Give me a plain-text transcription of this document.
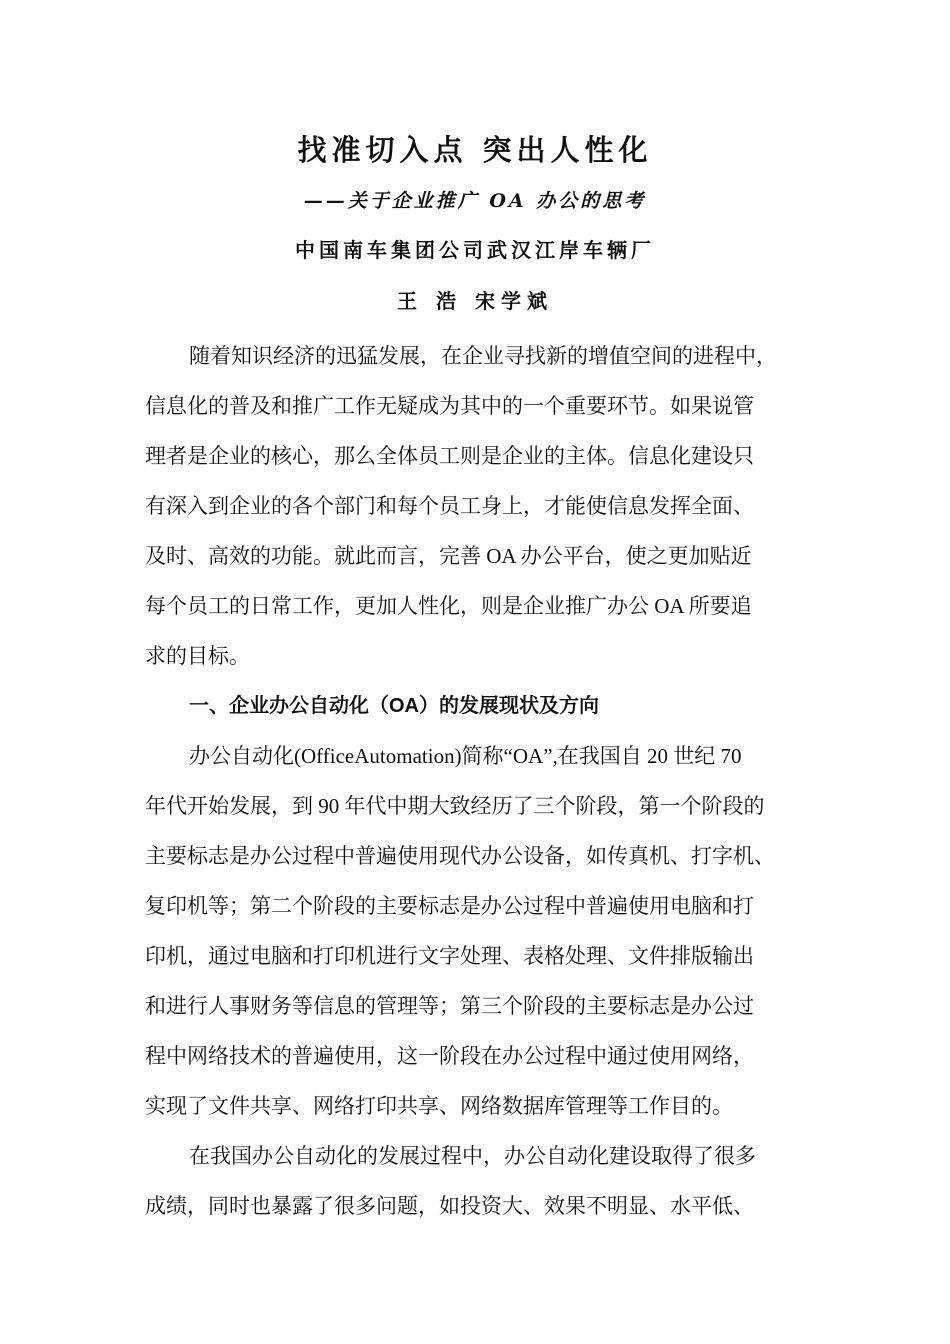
找准切入点 突出人性化
——关于企业推广 OA 办公的思考
中国南车集团公司武汉江岸车辆厂
王 浩 宋学斌
随着知识经济的迅猛发展，在企业寻找新的增值空间的进程中，
信息化的普及和推广工作无疑成为其中的一个重要环节。如果说管
理者是企业的核心，那么全体员工则是企业的主体。信息化建设只
有深入到企业的各个部门和每个员工身上，才能使信息发挥全面、
及时、高效的功能。就此而言，完善 OA 办公平台，使之更加贴近
每个员工的日常工作，更加人性化，则是企业推广办公 OA 所要追
求的目标。
一、企业办公自动化（OA）的发展现状及方向
办公自动化(OfficeAutomation)简称“OA”,在我国自 20 世纪 70
年代开始发展，到 90 年代中期大致经历了三个阶段，第一个阶段的
主要标志是办公过程中普遍使用现代办公设备，如传真机、打字机、
复印机等；第二个阶段的主要标志是办公过程中普遍使用电脑和打
印机，通过电脑和打印机进行文字处理、表格处理、文件排版输出
和进行人事财务等信息的管理等；第三个阶段的主要标志是办公过
程中网络技术的普遍使用，这一阶段在办公过程中通过使用网络，
实现了文件共享、网络打印共享、网络数据库管理等工作目的。
在我国办公自动化的发展过程中，办公自动化建设取得了很多
成绩，同时也暴露了很多问题，如投资大、效果不明显、水平低、
